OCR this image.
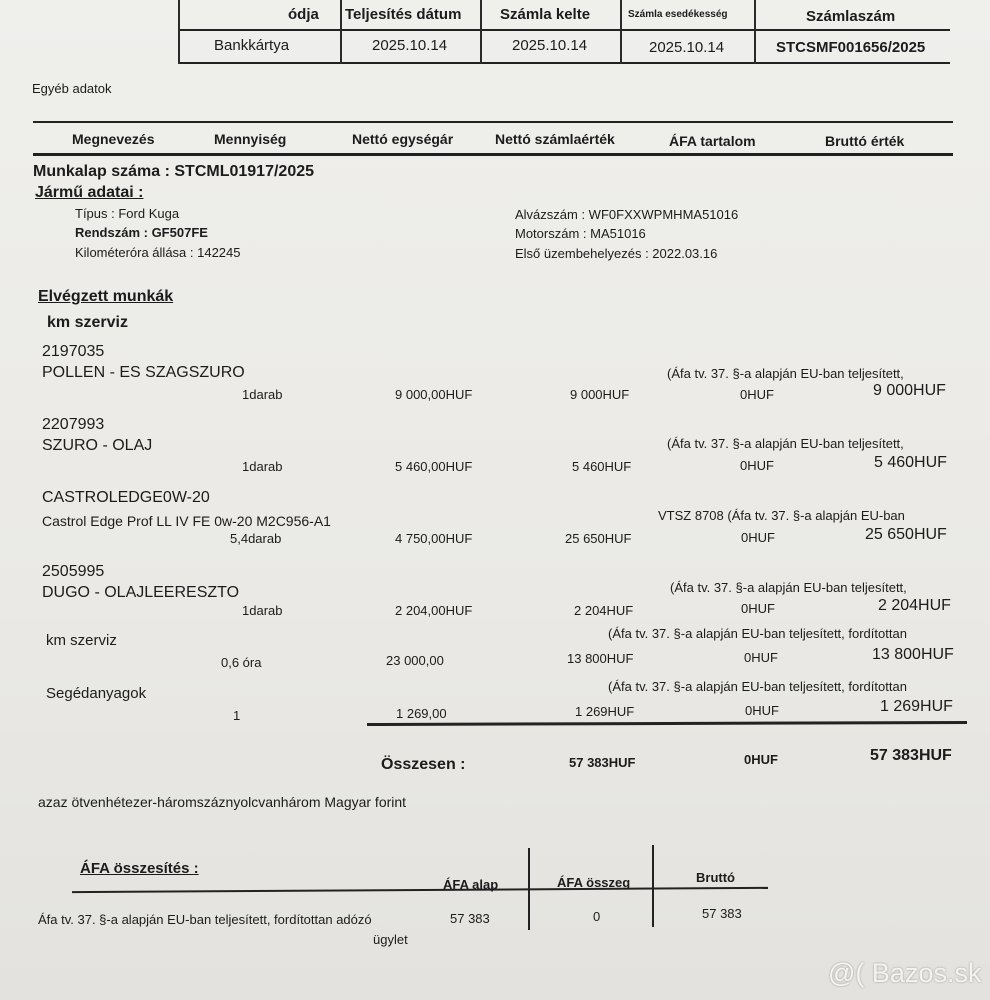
ódja Teljesítés dátum	Számla kelte	Számla esedékesség	Számlaszám
Bankkártya	2025.10.14	2025.10.14	2025.10.14	STCSMF001656/2025
Egyéb adatok
Megnevezés	Mennyiség	Nettó egységár	Nettó számlaérték	ÁFA tartalom	Bruttó érték
Munkalap száma : STCML01917/2025
Jármű adatai :
Típus : Ford Kuga
Rendszám : GF507FE
Kilométeróra állása : 142245
Alvázszám : WF0FXXWPMHMA51016
Motorszám : MA51016
Első üzembehelyezés : 2022.03.16
Elvégzett munkák
km szerviz
2197035
POLLEN - ES SZAGSZURO	(Áfa tv. 37. §-a alapján EU-ban teljesített,
1darab	9 000,00HUF	9 000HUF	0HUF	9 000HUF
2207993
SZURO - OLAJ	(Áfa tv. 37. §-a alapján EU-ban teljesített,
1darab	5 460,00HUF	5 460HUF	0HUF	5 460HUF
CASTROLEDGE0W-20
Castrol Edge Prof LL IV FE 0w-20 M2C956-A1	VTSZ 8708 (Áfa tv. 37. §-a alapján EU-ban
5,4darab	4 750,00HUF	25 650HUF	0HUF	25 650HUF
2505995
DUGO - OLAJLEERESZTO	(Áfa tv. 37. §-a alapján EU-ban teljesített,
1darab	2 204,00HUF	2 204HUF	0HUF	2 204HUF
km szerviz	(Áfa tv. 37. §-a alapján EU-ban teljesített, fordítottan
0,6 óra	23 000,00	13 800HUF	0HUF	13 800HUF
Segédanyagok	(Áfa tv. 37. §-a alapján EU-ban teljesített, fordítottan
1	1 269,00	1 269HUF	0HUF	1 269HUF
Összesen :	57 383HUF	0HUF	57 383HUF
azaz ötvenhétezer-háromszáznyolcvanhárom Magyar forint
ÁFA összesítés :
ÁFA alap	ÁFA összeg	Bruttó
Áfa tv. 37. §-a alapján EU-ban teljesített, fordítottan adózó
ügylet
57 383	0	57 383
@( Bazos.sk
